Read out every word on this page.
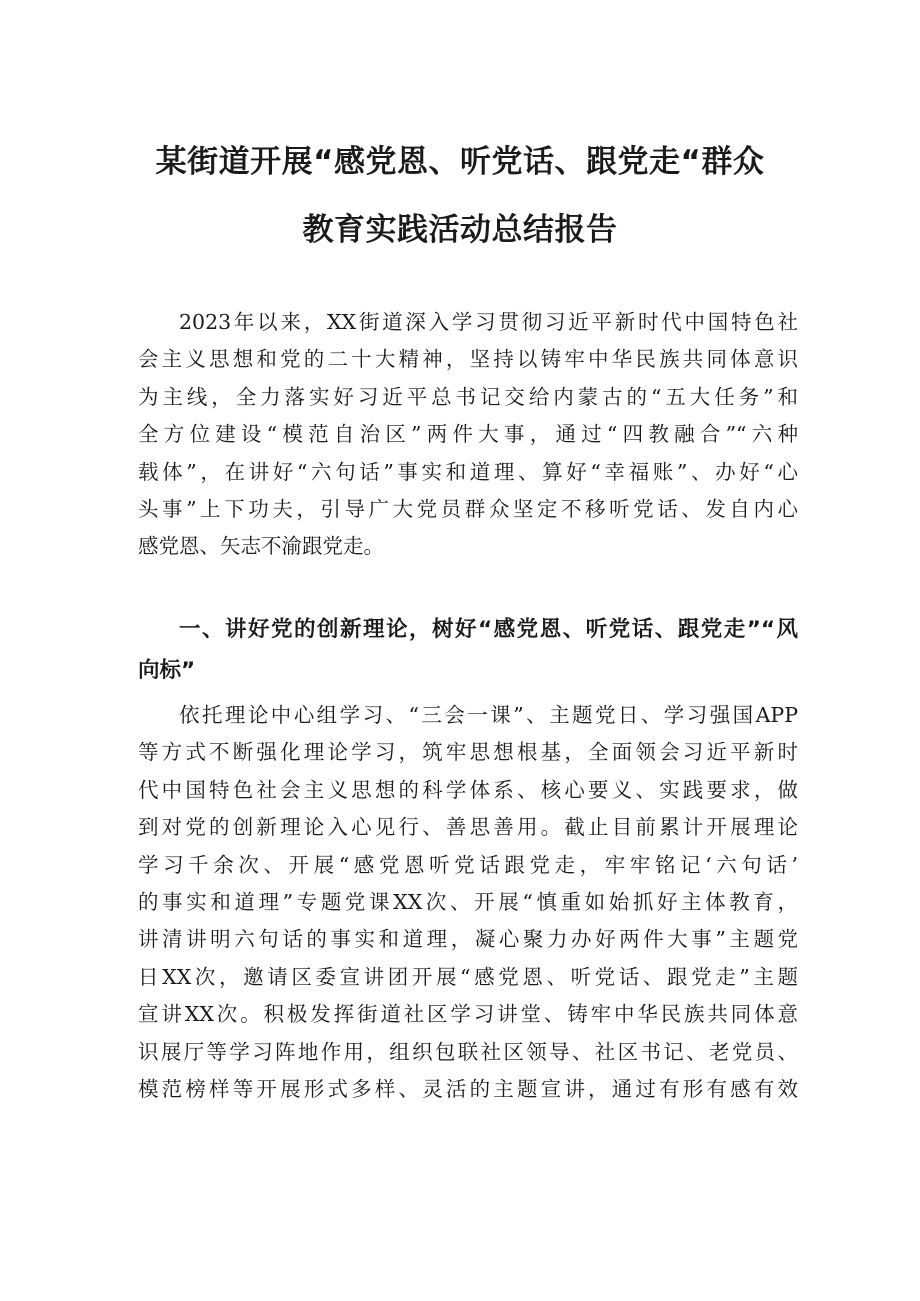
某街道开展“感党恩、听党话、跟党走“群众
教育实践活动总结报告
2023年以来，XX街道深入学习贯彻习近平新时代中国特色社
会主义思想和党的二十大精神，坚持以铸牢中华民族共同体意识
为主线，全力落实好习近平总书记交给内蒙古的“五大任务”和
全方位建设“模范自治区”两件大事，通过“四教融合”“六种
载体”，在讲好“六句话”事实和道理、算好“幸福账”、办好“心
头事”上下功夫，引导广大党员群众坚定不移听党话、发自内心
感党恩、矢志不渝跟党走。
一、讲好党的创新理论，树好“感党恩、听党话、跟党走”“风
向标”
依托理论中心组学习、“三会一课”、主题党日、学习强国APP
等方式不断强化理论学习，筑牢思想根基，全面领会习近平新时
代中国特色社会主义思想的科学体系、核心要义、实践要求，做
到对党的创新理论入心见行、善思善用。截止目前累计开展理论
学习千余次、开展“感党恩听党话跟党走，牢牢铭记‘六句话’
的事实和道理”专题党课XX次、开展“慎重如始抓好主体教育，
讲清讲明六句话的事实和道理，凝心聚力办好两件大事”主题党
日XX次，邀请区委宣讲团开展“感党恩、听党话、跟党走”主题
宣讲XX次。积极发挥街道社区学习讲堂、铸牢中华民族共同体意
识展厅等学习阵地作用，组织包联社区领导、社区书记、老党员、
模范榜样等开展形式多样、灵活的主题宣讲，通过有形有感有效
